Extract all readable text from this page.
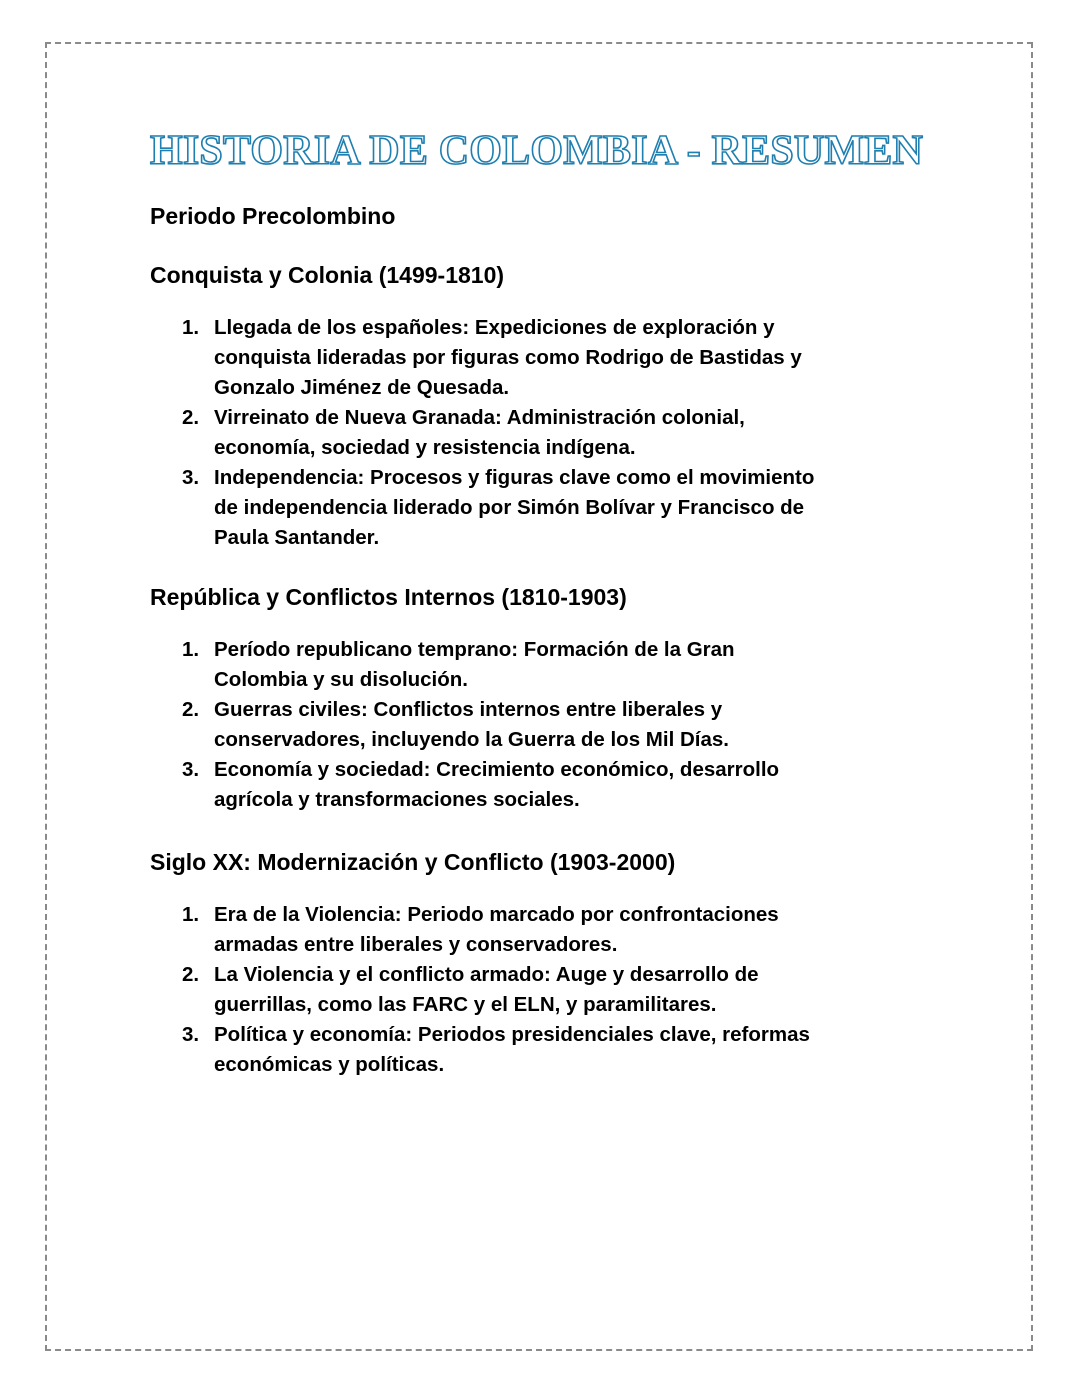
HISTORIA DE COLOMBIA - RESUMEN
Periodo Precolombino
Conquista y Colonia (1499-1810)
1. Llegada de los españoles: Expediciones de exploración y
conquista lideradas por figuras como Rodrigo de Bastidas y
Gonzalo Jiménez de Quesada.
2. Virreinato de Nueva Granada: Administración colonial,
economía, sociedad y resistencia indígena.
3. Independencia: Procesos y figuras clave como el movimiento
de independencia liderado por Simón Bolívar y Francisco de
Paula Santander.
República y Conflictos Internos (1810-1903)
1. Período republicano temprano: Formación de la Gran
Colombia y su disolución.
2. Guerras civiles: Conflictos internos entre liberales y
conservadores, incluyendo la Guerra de los Mil Días.
3. Economía y sociedad: Crecimiento económico, desarrollo
agrícola y transformaciones sociales.
Siglo XX: Modernización y Conflicto (1903-2000)
1. Era de la Violencia: Periodo marcado por confrontaciones
armadas entre liberales y conservadores.
2. La Violencia y el conflicto armado: Auge y desarrollo de
guerrillas, como las FARC y el ELN, y paramilitares.
3. Política y economía: Periodos presidenciales clave, reformas
económicas y políticas.
